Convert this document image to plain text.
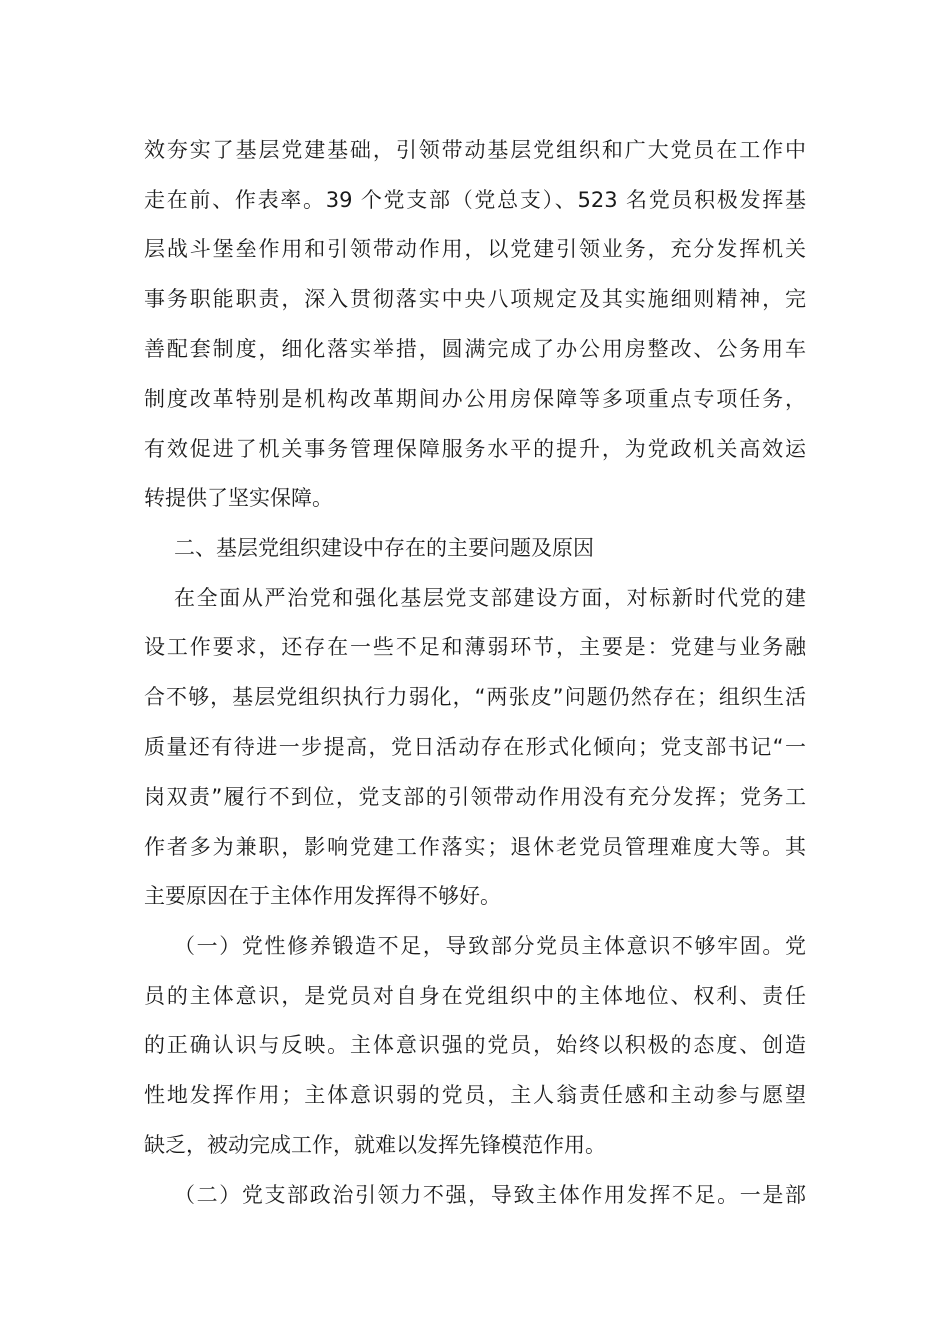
效夯实了基层党建基础，引领带动基层党组织和广大党员在工作中
走在前、作表率。39 个党支部（党总支）、523 名党员积极发挥基
层战斗堡垒作用和引领带动作用，以党建引领业务，充分发挥机关
事务职能职责，深入贯彻落实中央八项规定及其实施细则精神，完
善配套制度，细化落实举措，圆满完成了办公用房整改、公务用车
制度改革特别是机构改革期间办公用房保障等多项重点专项任务，
有效促进了机关事务管理保障服务水平的提升，为党政机关高效运
转提供了坚实保障。
二、基层党组织建设中存在的主要问题及原因
在全面从严治党和强化基层党支部建设方面，对标新时代党的建
设工作要求，还存在一些不足和薄弱环节，主要是：党建与业务融
合不够，基层党组织执行力弱化，“两张皮”问题仍然存在；组织生活
质量还有待进一步提高，党日活动存在形式化倾向；党支部书记“一
岗双责”履行不到位，党支部的引领带动作用没有充分发挥；党务工
作者多为兼职，影响党建工作落实；退休老党员管理难度大等。其
主要原因在于主体作用发挥得不够好。
（一）党性修养锻造不足，导致部分党员主体意识不够牢固。党
员的主体意识，是党员对自身在党组织中的主体地位、权利、责任
的正确认识与反映。主体意识强的党员，始终以积极的态度、创造
性地发挥作用；主体意识弱的党员，主人翁责任感和主动参与愿望
缺乏，被动完成工作，就难以发挥先锋模范作用。
（二）党支部政治引领力不强，导致主体作用发挥不足。一是部
